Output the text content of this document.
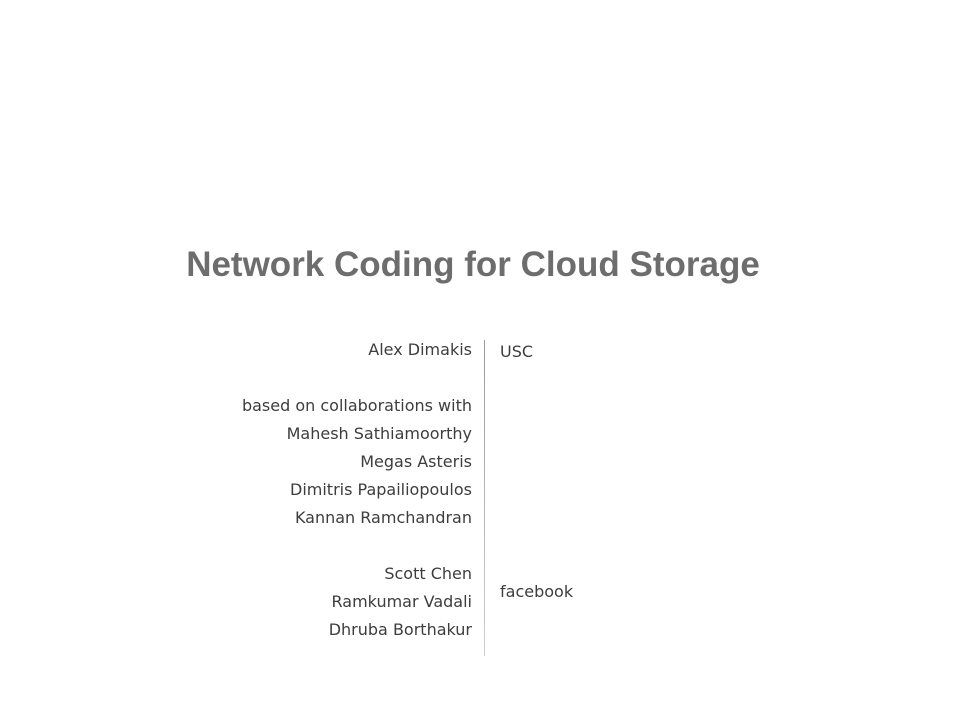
Network Coding for Cloud Storage
Alex Dimakis
based on collaborations with
Mahesh Sathiamoorthy
Megas Asteris
Dimitris Papailiopoulos
Kannan Ramchandran
Scott Chen
Ramkumar Vadali
Dhruba Borthakur
USC
facebook
